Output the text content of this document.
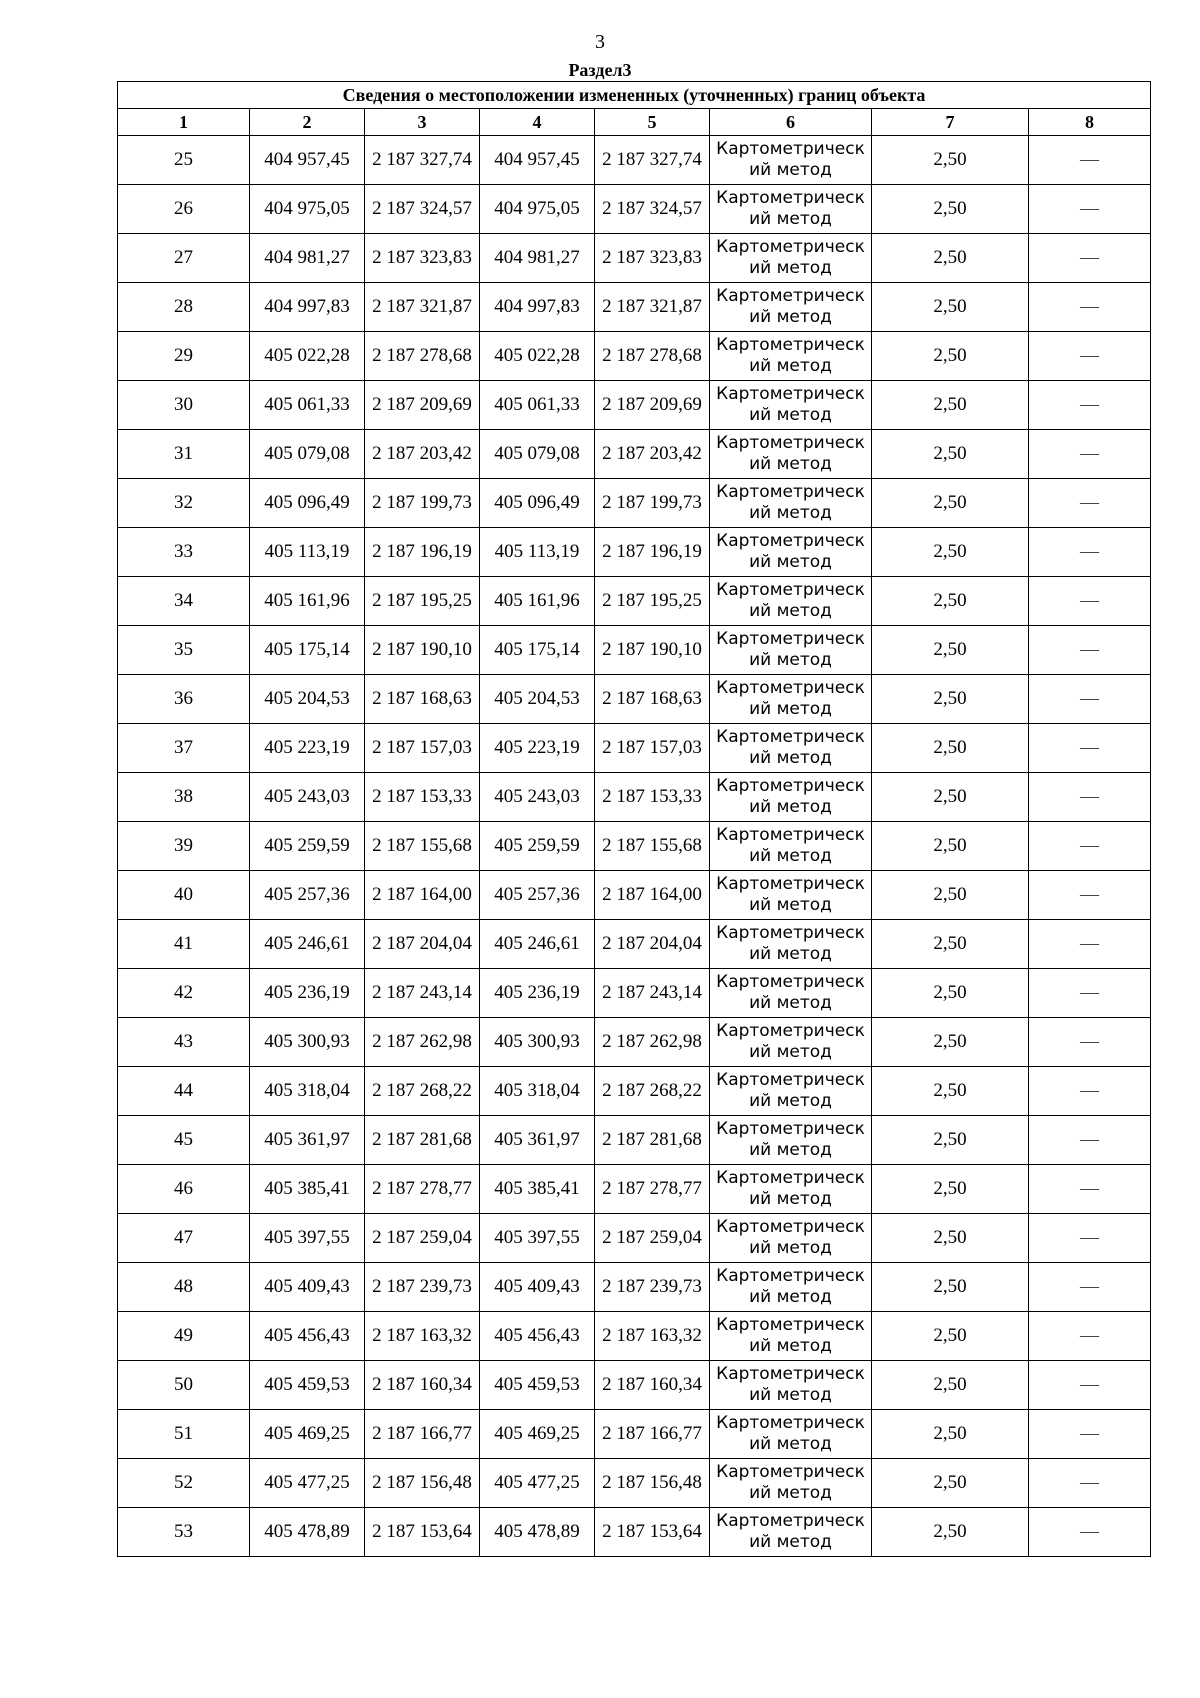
3
Раздел3
Сведения о местоположении измененных (уточненных) границ объекта							
1	2	3	4	5	6	7	8
25	404 957,45	2 187 327,74	404 957,45	2 187 327,74	Картометрический метод	2,50	—
26	404 975,05	2 187 324,57	404 975,05	2 187 324,57	Картометрический метод	2,50	—
27	404 981,27	2 187 323,83	404 981,27	2 187 323,83	Картометрический метод	2,50	—
28	404 997,83	2 187 321,87	404 997,83	2 187 321,87	Картометрический метод	2,50	—
29	405 022,28	2 187 278,68	405 022,28	2 187 278,68	Картометрический метод	2,50	—
30	405 061,33	2 187 209,69	405 061,33	2 187 209,69	Картометрический метод	2,50	—
31	405 079,08	2 187 203,42	405 079,08	2 187 203,42	Картометрический метод	2,50	—
32	405 096,49	2 187 199,73	405 096,49	2 187 199,73	Картометрический метод	2,50	—
33	405 113,19	2 187 196,19	405 113,19	2 187 196,19	Картометрический метод	2,50	—
34	405 161,96	2 187 195,25	405 161,96	2 187 195,25	Картометрический метод	2,50	—
35	405 175,14	2 187 190,10	405 175,14	2 187 190,10	Картометрический метод	2,50	—
36	405 204,53	2 187 168,63	405 204,53	2 187 168,63	Картометрический метод	2,50	—
37	405 223,19	2 187 157,03	405 223,19	2 187 157,03	Картометрический метод	2,50	—
38	405 243,03	2 187 153,33	405 243,03	2 187 153,33	Картометрический метод	2,50	—
39	405 259,59	2 187 155,68	405 259,59	2 187 155,68	Картометрический метод	2,50	—
40	405 257,36	2 187 164,00	405 257,36	2 187 164,00	Картометрический метод	2,50	—
41	405 246,61	2 187 204,04	405 246,61	2 187 204,04	Картометрический метод	2,50	—
42	405 236,19	2 187 243,14	405 236,19	2 187 243,14	Картометрический метод	2,50	—
43	405 300,93	2 187 262,98	405 300,93	2 187 262,98	Картометрический метод	2,50	—
44	405 318,04	2 187 268,22	405 318,04	2 187 268,22	Картометрический метод	2,50	—
45	405 361,97	2 187 281,68	405 361,97	2 187 281,68	Картометрический метод	2,50	—
46	405 385,41	2 187 278,77	405 385,41	2 187 278,77	Картометрический метод	2,50	—
47	405 397,55	2 187 259,04	405 397,55	2 187 259,04	Картометрический метод	2,50	—
48	405 409,43	2 187 239,73	405 409,43	2 187 239,73	Картометрический метод	2,50	—
49	405 456,43	2 187 163,32	405 456,43	2 187 163,32	Картометрический метод	2,50	—
50	405 459,53	2 187 160,34	405 459,53	2 187 160,34	Картометрический метод	2,50	—
51	405 469,25	2 187 166,77	405 469,25	2 187 166,77	Картометрический метод	2,50	—
52	405 477,25	2 187 156,48	405 477,25	2 187 156,48	Картометрический метод	2,50	—
53	405 478,89	2 187 153,64	405 478,89	2 187 153,64	Картометрический метод	2,50	—
